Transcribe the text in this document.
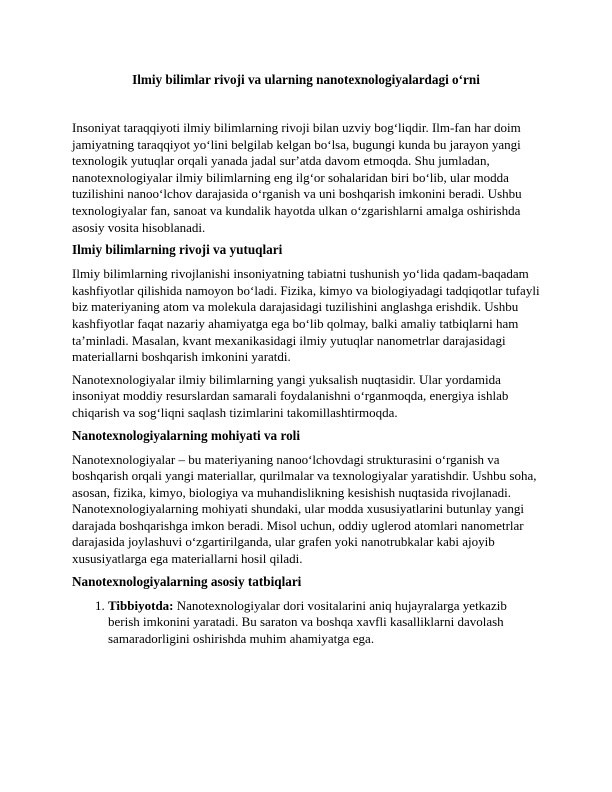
Ilmiy bilimlar rivoji va ularning nanotexnologiyalardagi oʻrni

Insoniyat taraqqiyoti ilmiy bilimlarning rivoji bilan uzviy bogʻliqdir. Ilm-fan har doim jamiyatning taraqqiyot yoʻlini belgilab kelgan boʻlsa, bugungi kunda bu jarayon yangi texnologik yutuqlar orqali yanada jadal surʼatda davom etmoqda. Shu jumladan, nanotexnologiyalar ilmiy bilimlarning eng ilgʻor sohalaridan biri boʻlib, ular modda tuzilishini nanooʻlchov darajasida oʻrganish va uni boshqarish imkonini beradi. Ushbu texnologiyalar fan, sanoat va kundalik hayotda ulkan oʻzgarishlarni amalga oshirishda asosiy vosita hisoblanadi.

Ilmiy bilimlarning rivoji va yutuqlari

Ilmiy bilimlarning rivojlanishi insoniyatning tabiatni tushunish yoʻlida qadam-baqadam kashfiyotlar qilishida namoyon boʻladi. Fizika, kimyo va biologiyadagi tadqiqotlar tufayli biz materiyaning atom va molekula darajasidagi tuzilishini anglashga erishdik. Ushbu kashfiyotlar faqat nazariy ahamiyatga ega boʻlib qolmay, balki amaliy tatbiqlarni ham taʼminladi. Masalan, kvant mexanikasidagi ilmiy yutuqlar nanometrlar darajasidagi materiallarni boshqarish imkonini yaratdi.

Nanotexnologiyalar ilmiy bilimlarning yangi yuksalish nuqtasidir. Ular yordamida insoniyat moddiy resurslardan samarali foydalanishni oʻrganmoqda, energiya ishlab chiqarish va sogʻliqni saqlash tizimlarini takomillashtirmoqda.

Nanotexnologiyalarning mohiyati va roli

Nanotexnologiyalar – bu materiyaning nanooʻlchovdagi strukturasini oʻrganish va boshqarish orqali yangi materiallar, qurilmalar va texnologiyalar yaratishdir. Ushbu soha, asosan, fizika, kimyo, biologiya va muhandislikning kesishish nuqtasida rivojlanadi.

Nanotexnologiyalarning mohiyati shundaki, ular modda xususiyatlarini butunlay yangi darajada boshqarishga imkon beradi. Misol uchun, oddiy uglerod atomlari nanometrlar darajasida joylashuvi oʻzgartirilganda, ular grafen yoki nanotrubkalar kabi ajoyib xususiyatlarga ega materiallarni hosil qiladi.

Nanotexnologiyalarning asosiy tatbiqlari
1. Tibbiyotda: Nanotexnologiyalar dori vositalarini aniq hujayralarga yetkazib berish imkonini yaratadi. Bu saraton va boshqa xavfli kasalliklarni davolash samaradorligini oshirishda muhim ahamiyatga ega.
